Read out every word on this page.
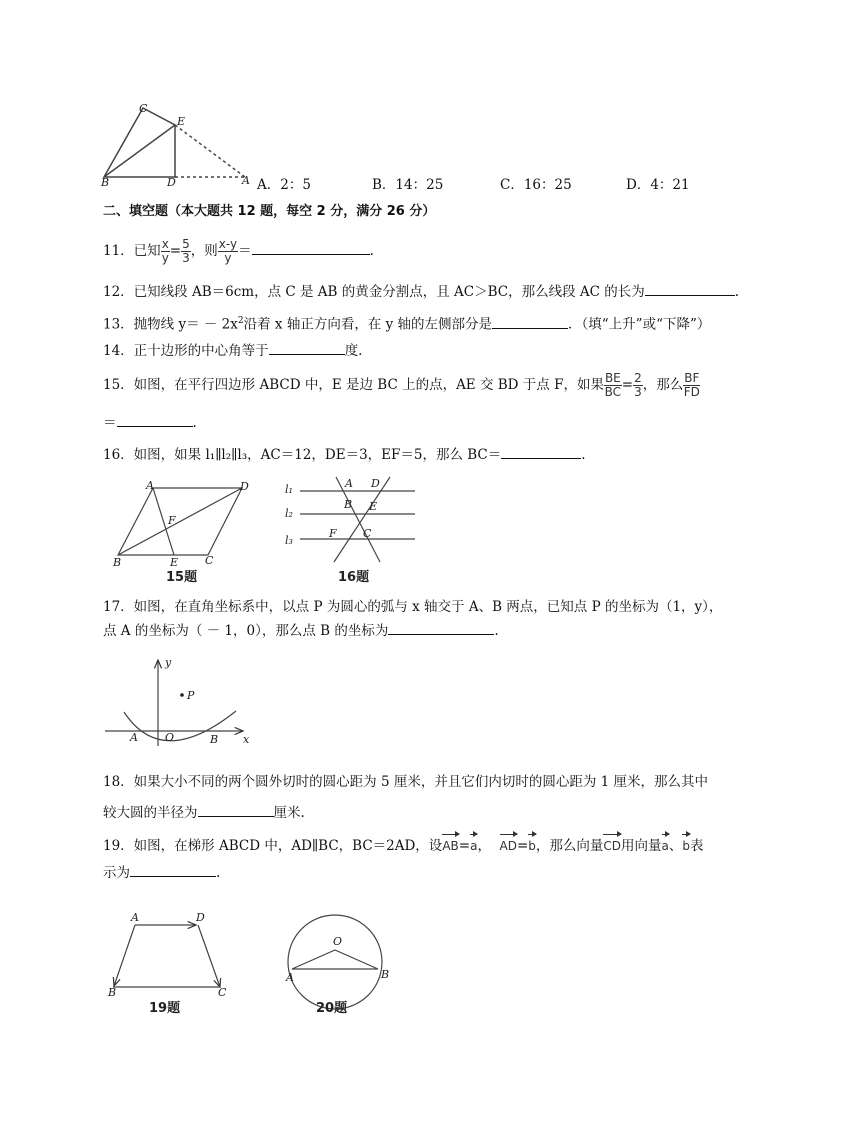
C
E
B	D	A
A	D
F
B	E C
15题
l₁
l₂
l₃
A D
B E
F C
16题
y
P
A O	B x
A	D
B	C
19题
O
A	B
20题
A．2：5	B．14：25	C．16：25	D．4：21
二、填空题（本大题共 12 题，每空 2 分，满分 26 分）
11．已知 $\frac{x}{y} = \frac{5}{3}$ ，则 $\frac{x-y}{y}$ ＝	.
12．已知线段 AB＝6cm，点 C 是 AB 的黄金分割点，且 AC＞BC，那么线段 AC 的长为	.
13．抛物线 $y= - 2x^2$沿着 x 轴正方向看，在 y 轴的左侧部分是	．（填“上升”或“下降”）
14．正十边形的中心角等于	度.
15．如图，在平行四边形 ABCD 中，E 是边 BC 上的点，AE 交 BD 于点 F，如果 $\frac{BE}{BC} = \frac{2}{3}$ ，那么 $\frac{BF}{FD}$
＝	.
16．如图，如果 l₁∥l₂∥l₃，AC＝12，DE＝3，EF＝5，那么 BC＝	.
17．如图，在直角坐标系中，以点 P 为圆心的弧与 x 轴交于 A、B 两点，已知点 P 的坐标为（1，y），
点 A 的坐标为（ － 1，0），那么点 B 的坐标为	.
18．如果大小不同的两个圆外切时的圆心距为 5 厘米，并且它们内切时的圆心距为 1 厘米，那么其中
较大圆的半径为	厘米.
19．如图，在梯形 ABCD 中，AD∥BC，BC＝2AD，设AB=a， AD=b，那么向量CD用向量a、b表
示为	.
